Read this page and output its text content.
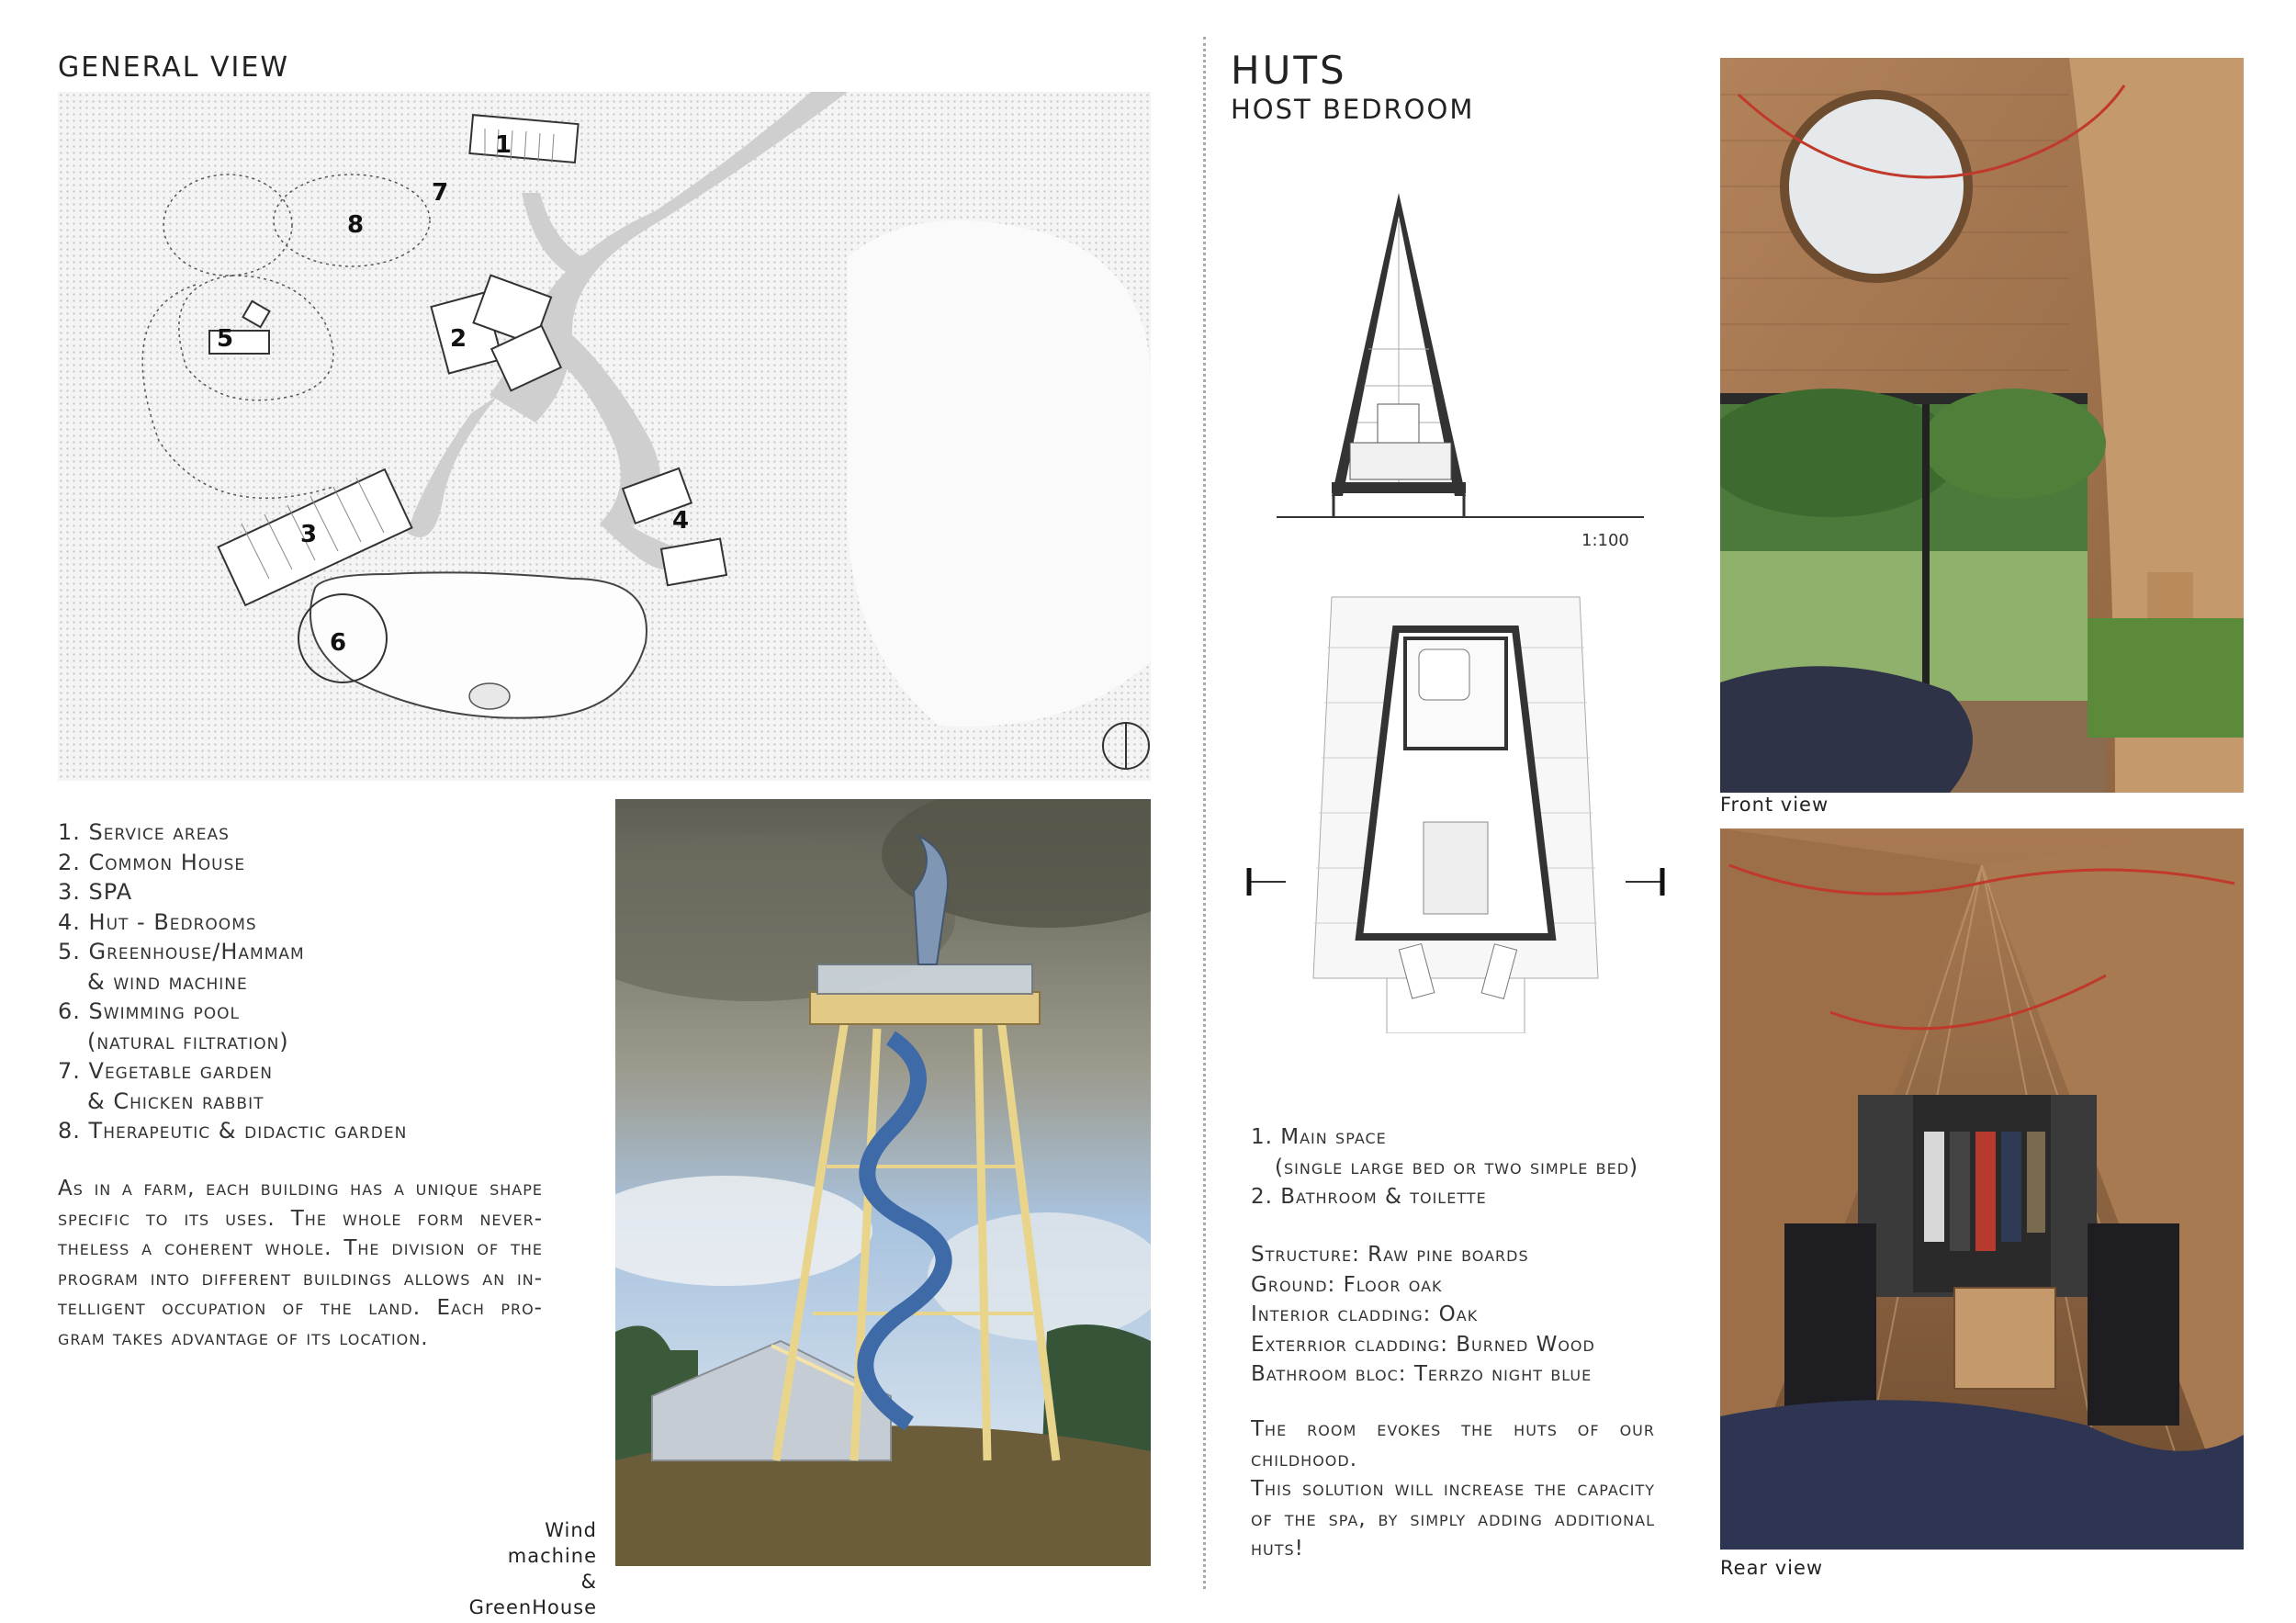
GENERAL VIEW
1
2
3	4
5
6
7
8
1. Service areas
2. Common House
3. SPA
4. Hut - Bedrooms
5. Greenhouse/Hammam
& wind machine
6. Swimming pool
(natural filtration)
7. Vegetable garden
& Chicken rabbit
8. Therapeutic & didactic garden
As in a farm, each building has a unique shape
specific to its uses. The whole form never-
theless a coherent whole. The division of the
program into different buildings allows an in-
telligent occupation of the land. Each pro-
gram takes advantage of its location.
Wind machine
& GreenHouse
HUTS
HOST BEDROOM
1:100
1. Main space
(single large bed or two simple bed)
2. Bathroom & toilette
Structure: Raw pine boards
Ground: Floor oak
Interior cladding: Oak
Exterrior cladding: Burned Wood
Bathroom bloc: Terrzo night blue
The room evokes the huts of our
childhood.
This solution will increase the capacity
of the spa, by simply adding additional
huts!
Front view
Rear view
